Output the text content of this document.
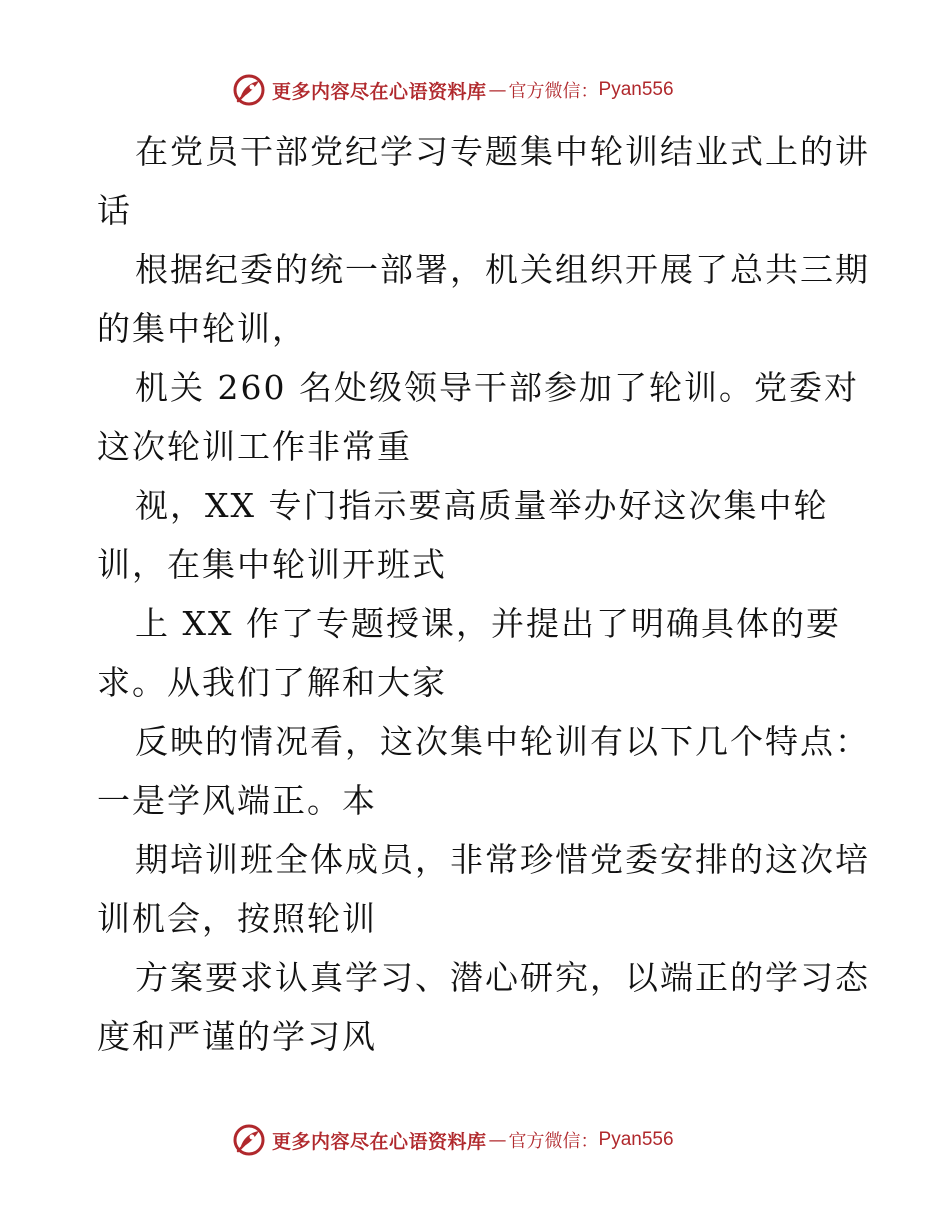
更多内容尽在心语资料库 — 官方微信： Pyan556
在党员干部党纪学习专题集中轮训结业式上的讲
话
根据纪委的统一部署，机关组织开展了总共三期
的集中轮训，
机关 260 名处级领导干部参加了轮训。党委对
这次轮训工作非常重
视，XX 专门指示要高质量举办好这次集中轮
训，在集中轮训开班式
上 XX 作了专题授课，并提出了明确具体的要
求。从我们了解和大家
反映的情况看，这次集中轮训有以下几个特点：
一是学风端正。本
期培训班全体成员，非常珍惜党委安排的这次培
训机会，按照轮训
方案要求认真学习、潜心研究，以端正的学习态
度和严谨的学习风
更多内容尽在心语资料库 — 官方微信： Pyan556
